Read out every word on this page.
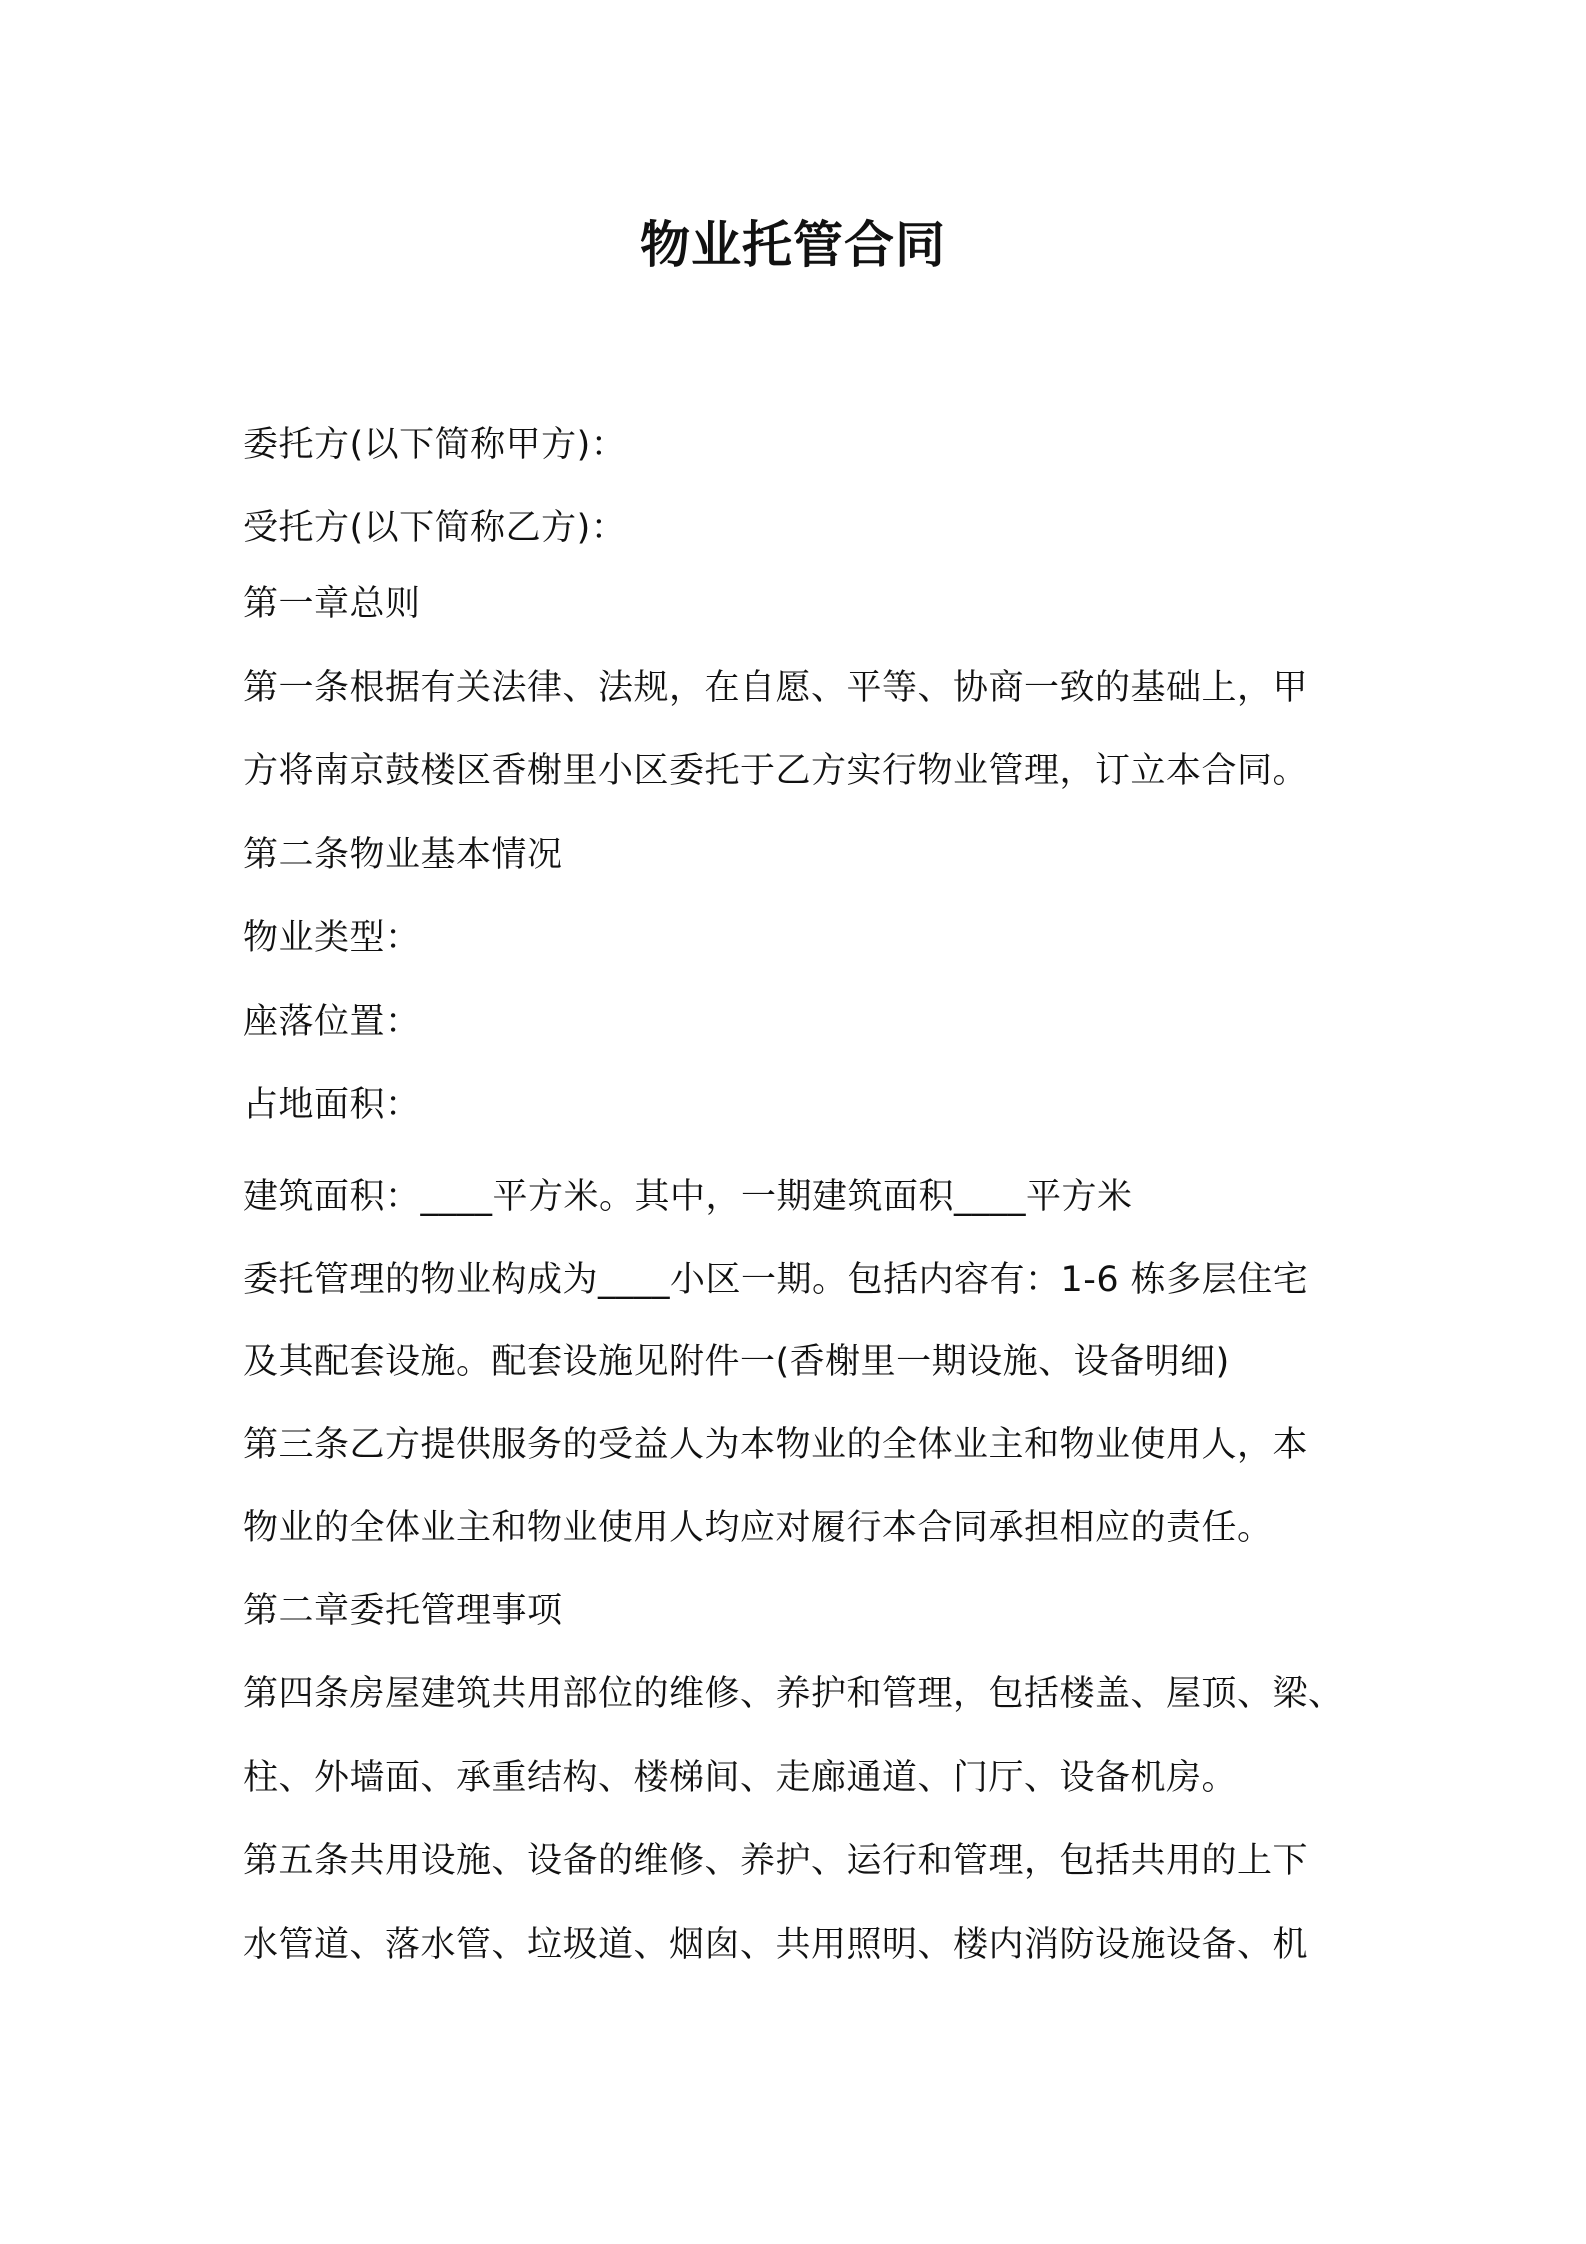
物业托管合同
委托方(以下简称甲方)：
受托方(以下简称乙方)：
第一章总则
第一条根据有关法律、法规，在自愿、平等、协商一致的基础上，甲
方将南京鼓楼区香榭里小区委托于乙方实行物业管理，订立本合同。
第二条物业基本情况
物业类型：
座落位置：
占地面积：
建筑面积：____平方米。其中，一期建筑面积____平方米
委托管理的物业构成为____小区一期。包括内容有：1-6 栋多层住宅
及其配套设施。配套设施见附件一(香榭里一期设施、设备明细)
第三条乙方提供服务的受益人为本物业的全体业主和物业使用人，本
物业的全体业主和物业使用人均应对履行本合同承担相应的责任。
第二章委托管理事项
第四条房屋建筑共用部位的维修、养护和管理，包括楼盖、屋顶、梁、
柱、外墙面、承重结构、楼梯间、走廊通道、门厅、设备机房。
第五条共用设施、设备的维修、养护、运行和管理，包括共用的上下
水管道、落水管、垃圾道、烟囱、共用照明、楼内消防设施设备、机
